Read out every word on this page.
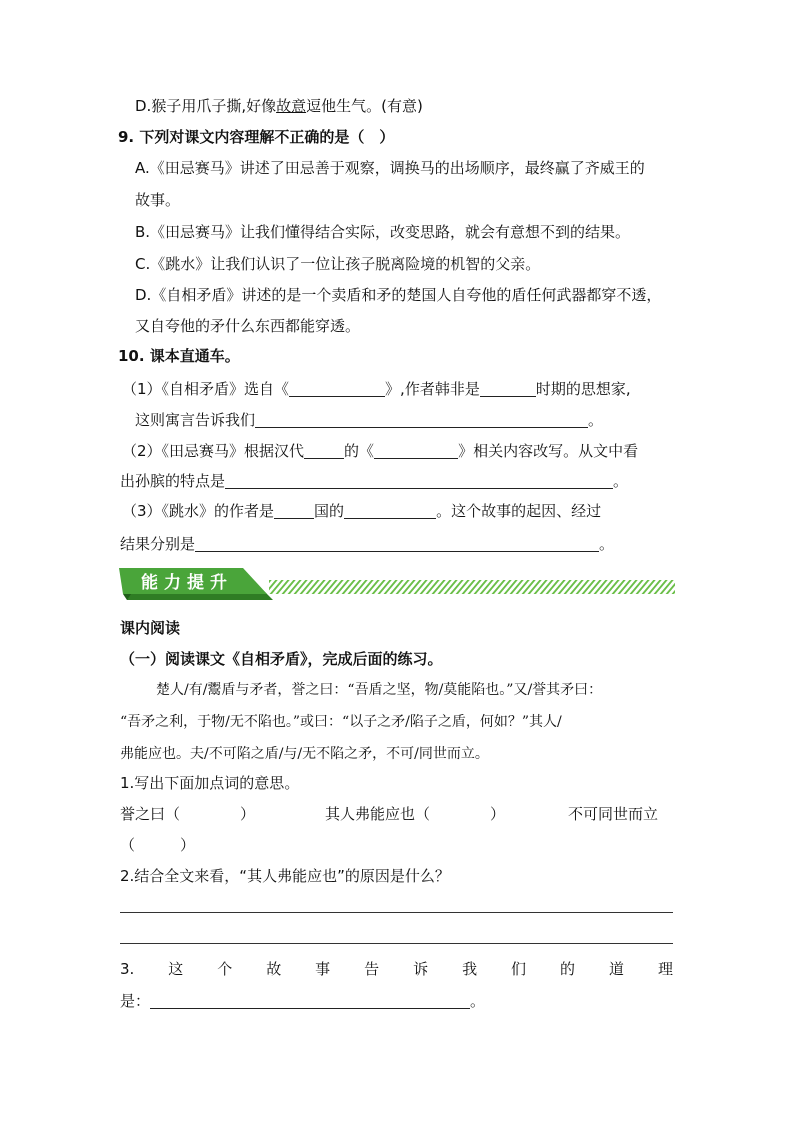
D.猴子用爪子撕,好像故意逗他生气。(有意)
9. 下列对课文内容理解不正确的是（　）
A.《田忌赛马》讲述了田忌善于观察，调换马的出场顺序，最终赢了齐威王的
故事。
B.《田忌赛马》让我们懂得结合实际，改变思路，就会有意想不到的结果。
C.《跳水》让我们认识了一位让孩子脱离险境的机智的父亲。
D.《自相矛盾》讲述的是一个卖盾和矛的楚国人自夸他的盾任何武器都穿不透，
又自夸他的矛什么东西都能穿透。
10. 课本直通车。
（1）《自相矛盾》选自《	》,作者韩非是	时期的思想家,
这则寓言告诉我们	。
（2）《田忌赛马》根据汉代	的《	》相关内容改写。从文中看
出孙膑的特点是	。
（3）《跳水》的作者是	国的	。这个故事的起因、经过
结果分别是	。
能力提升
课内阅读
（一）阅读课文《自相矛盾》，完成后面的练习。
楚人/有/鬻盾与矛者，誉之曰：“吾盾之坚，物/莫能陷也。”又/誉其矛曰：
“吾矛之利，于物/无不陷也。”或曰：“以子之矛/陷子之盾，何如？”其人/
弗能应也。夫/不可陷之盾/与/无不陷之矛，不可/同世而立。
1.写出下面加点词的意思。
誉之曰（　　　　）	其人弗能应也（　　　　）	不可同世而立
（　　　）
2.结合全文来看，“其人弗能应也”的原因是什么？
3. 这 个 故 事 告 诉 我 们 的 道 理
是：	。
